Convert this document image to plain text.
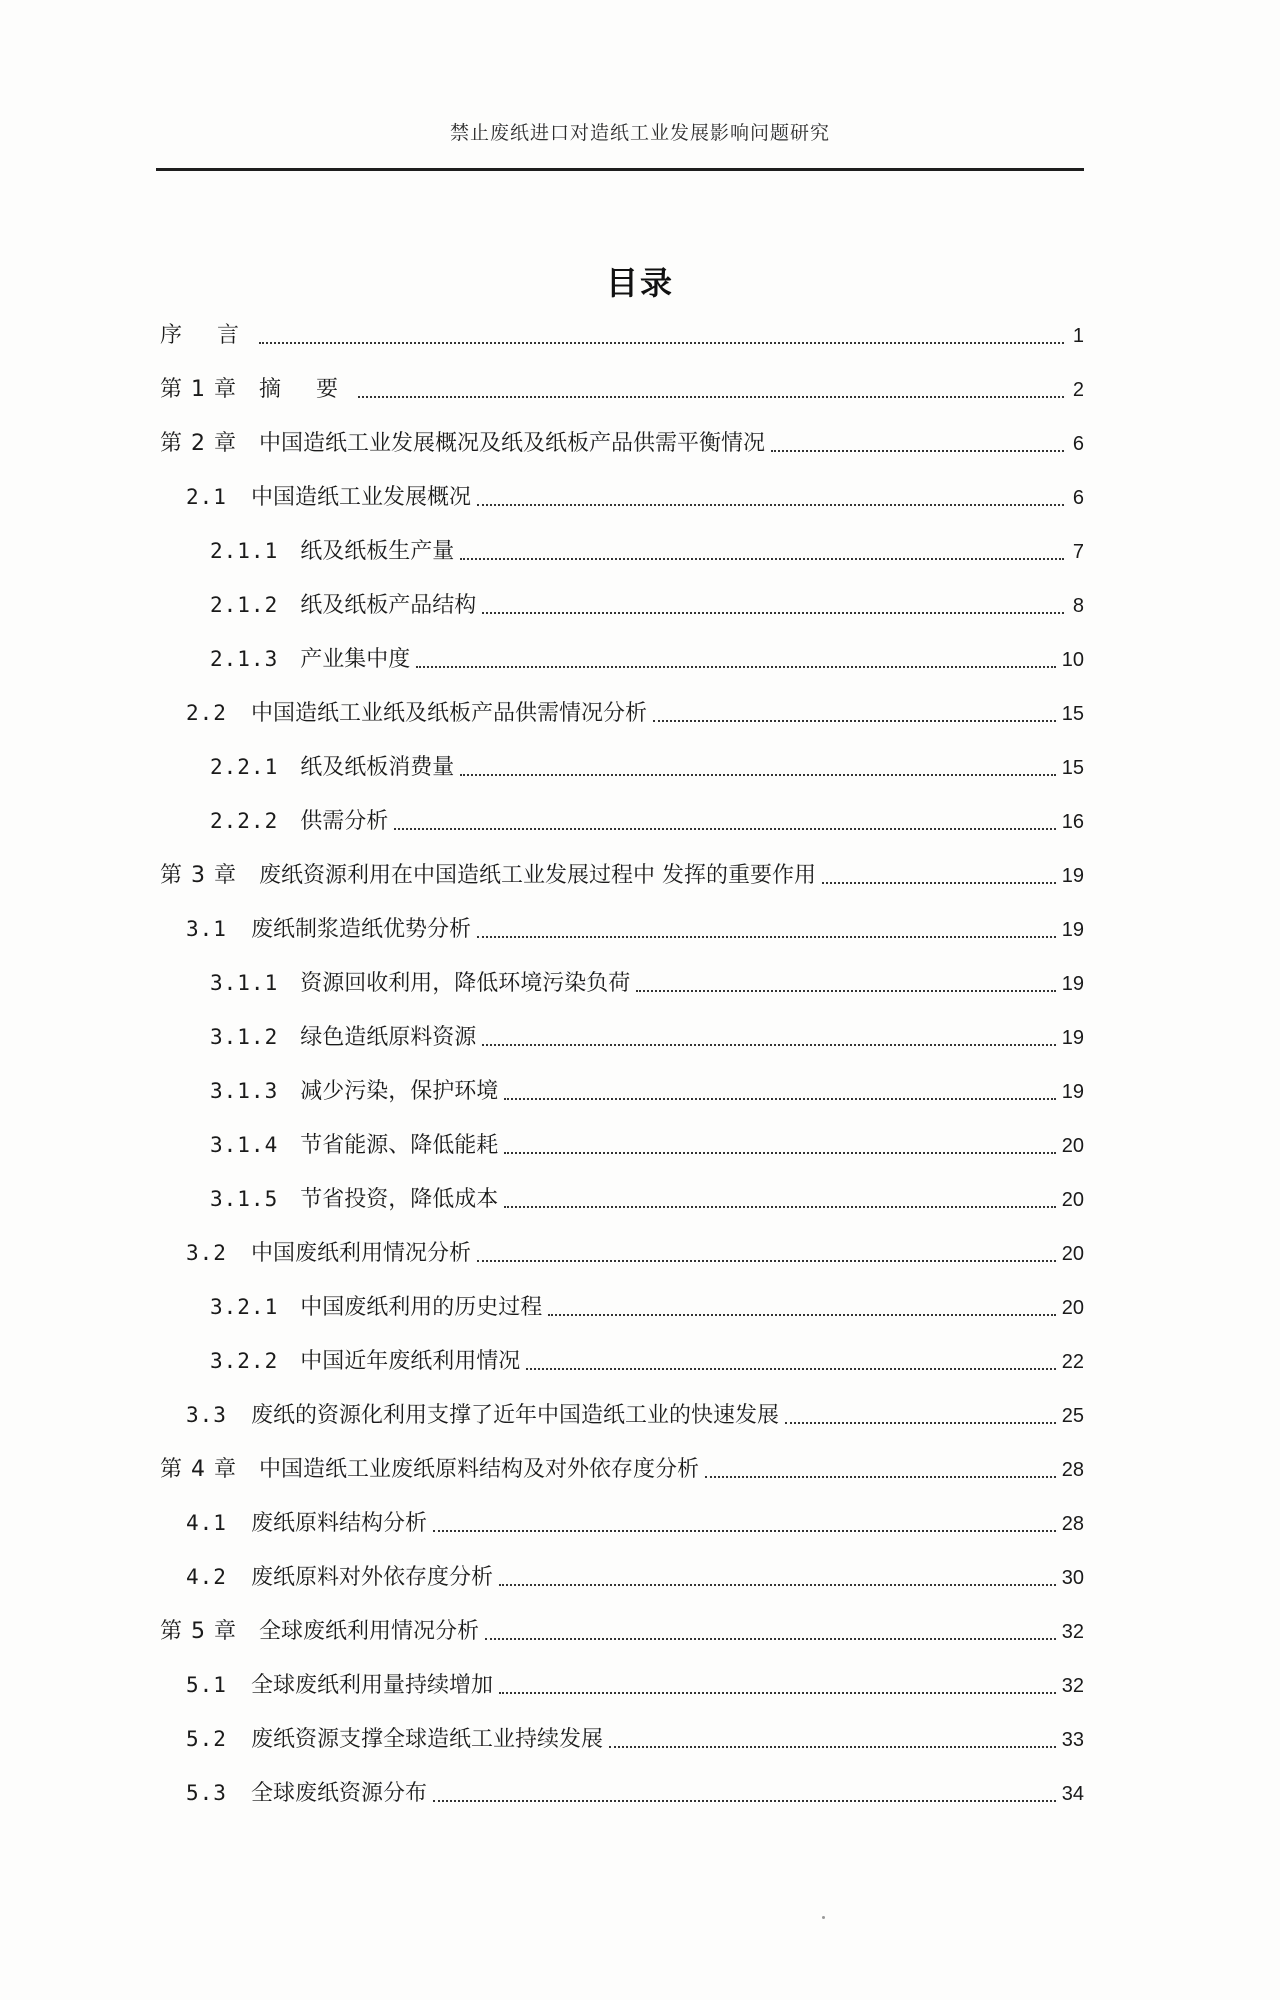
禁止废纸进口对造纸工业发展影响问题研究
目录
序 言	1
第 1 章 摘 要	2
第 2 章 中国造纸工业发展概况及纸及纸板产品供需平衡情况	6
2.1 中国造纸工业发展概况	6
2.1.1 纸及纸板生产量	7
2.1.2 纸及纸板产品结构	8
2.1.3 产业集中度	10
2.2 中国造纸工业纸及纸板产品供需情况分析	15
2.2.1 纸及纸板消费量	15
2.2.2 供需分析	16
第 3 章 废纸资源利用在中国造纸工业发展过程中 发挥的重要作用	19
3.1 废纸制浆造纸优势分析	19
3.1.1 资源回收利用，降低环境污染负荷	19
3.1.2 绿色造纸原料资源	19
3.1.3 减少污染，保护环境	19
3.1.4 节省能源、降低能耗	20
3.1.5 节省投资，降低成本	20
3.2 中国废纸利用情况分析	20
3.2.1 中国废纸利用的历史过程	20
3.2.2 中国近年废纸利用情况	22
3.3 废纸的资源化利用支撑了近年中国造纸工业的快速发展	25
第 4 章 中国造纸工业废纸原料结构及对外依存度分析	28
4.1 废纸原料结构分析	28
4.2 废纸原料对外依存度分析	30
第 5 章 全球废纸利用情况分析	32
5.1 全球废纸利用量持续增加	32
5.2 废纸资源支撑全球造纸工业持续发展	33
5.3 全球废纸资源分布	34
